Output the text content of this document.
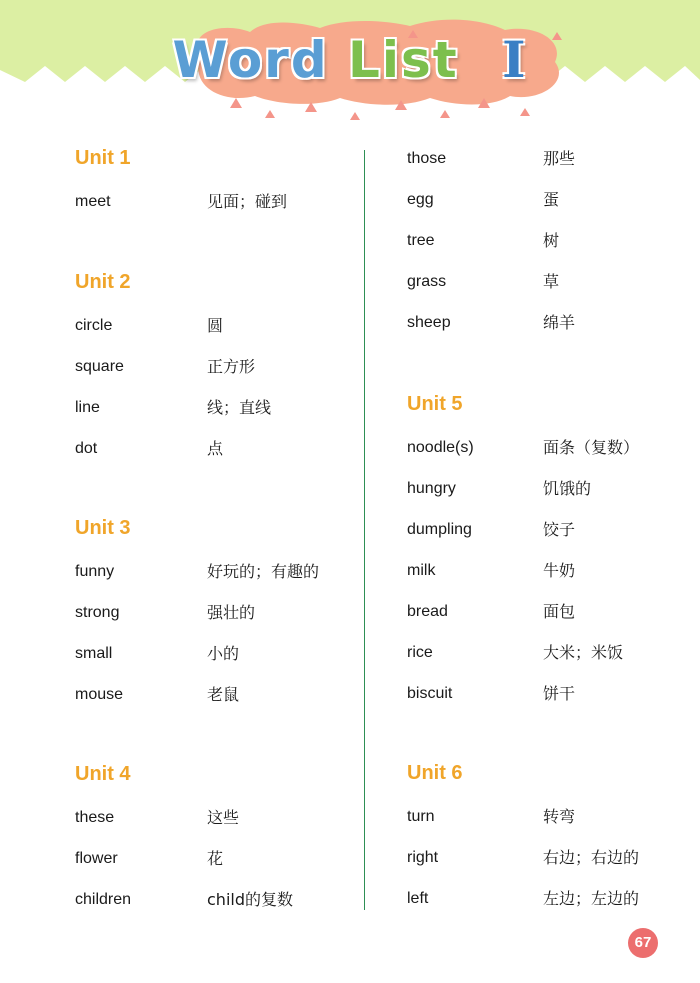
Word List I
Unit 1
meet	见面；碰到
Unit 2
circle	圆
square	正方形
line	线；直线
dot	点
Unit 3
funny	好玩的；有趣的
strong	强壮的
small	小的
mouse	老鼠
Unit 4
these	这些
flower	花
children	child的复数
those	那些
egg	蛋
tree	树
grass	草
sheep	绵羊
Unit 5
noodle(s)	面条（复数）
hungry	饥饿的
dumpling	饺子
milk	牛奶
bread	面包
rice	大米；米饭
biscuit	饼干
Unit 6
turn	转弯
right	右边；右边的
left	左边；左边的
67
